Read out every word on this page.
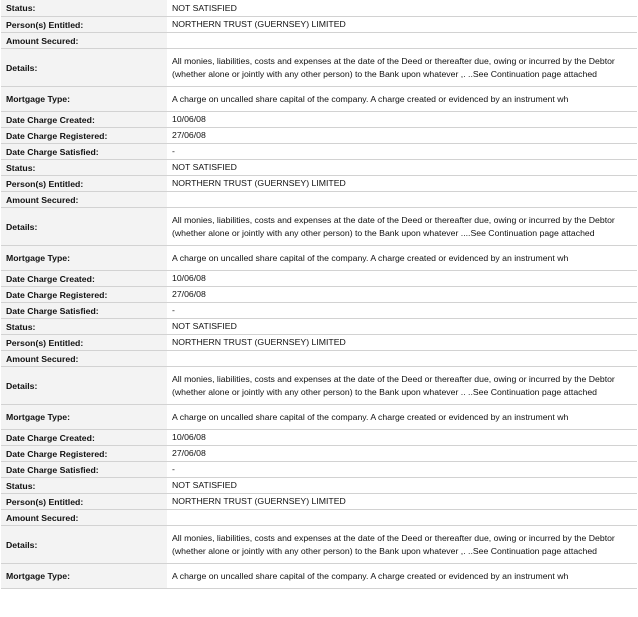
Status:	NOT SATISFIED
Person(s) Entitled:	NORTHERN TRUST (GUERNSEY) LIMITED
Amount Secured:	
Details:	All monies, liabilities, costs and expenses at the date of the Deed or thereafter due, owing or incurred by the Debtor (whether alone or jointly with any other person) to the Bank upon whatever ,. ..See Continuation page attached
Mortgage Type:	A charge on uncalled share capital of the company. A charge created or evidenced by an instrument wh
Date Charge Created:	10/06/08
Date Charge Registered:	27/06/08
Date Charge Satisfied:	-
Status:	NOT SATISFIED
Person(s) Entitled:	NORTHERN TRUST (GUERNSEY) LIMITED
Amount Secured:	
Details:	All monies, liabilities, costs and expenses at the date of the Deed or thereafter due, owing or incurred by the Debtor (whether alone or jointly with any other person) to the Bank upon whatever ....See Continuation page attached
Mortgage Type:	A charge on uncalled share capital of the company. A charge created or evidenced by an instrument wh
Date Charge Created:	10/06/08
Date Charge Registered:	27/06/08
Date Charge Satisfied:	-
Status:	NOT SATISFIED
Person(s) Entitled:	NORTHERN TRUST (GUERNSEY) LIMITED
Amount Secured:	
Details:	All monies, liabilities, costs and expenses at the date of the Deed or thereafter due, owing or incurred by the Debtor (whether alone or jointly with any other person) to the Bank upon whatever .. ..See Continuation page attached
Mortgage Type:	A charge on uncalled share capital of the company. A charge created or evidenced by an instrument wh
Date Charge Created:	10/06/08
Date Charge Registered:	27/06/08
Date Charge Satisfied:	-
Status:	NOT SATISFIED
Person(s) Entitled:	NORTHERN TRUST (GUERNSEY) LIMITED
Amount Secured:	
Details:	All monies, liabilities, costs and expenses at the date of the Deed or thereafter due, owing or incurred by the Debtor (whether alone or jointly with any other person) to the Bank upon whatever ,. ..See Continuation page attached
Mortgage Type:	A charge on uncalled share capital of the company. A charge created or evidenced by an instrument wh
